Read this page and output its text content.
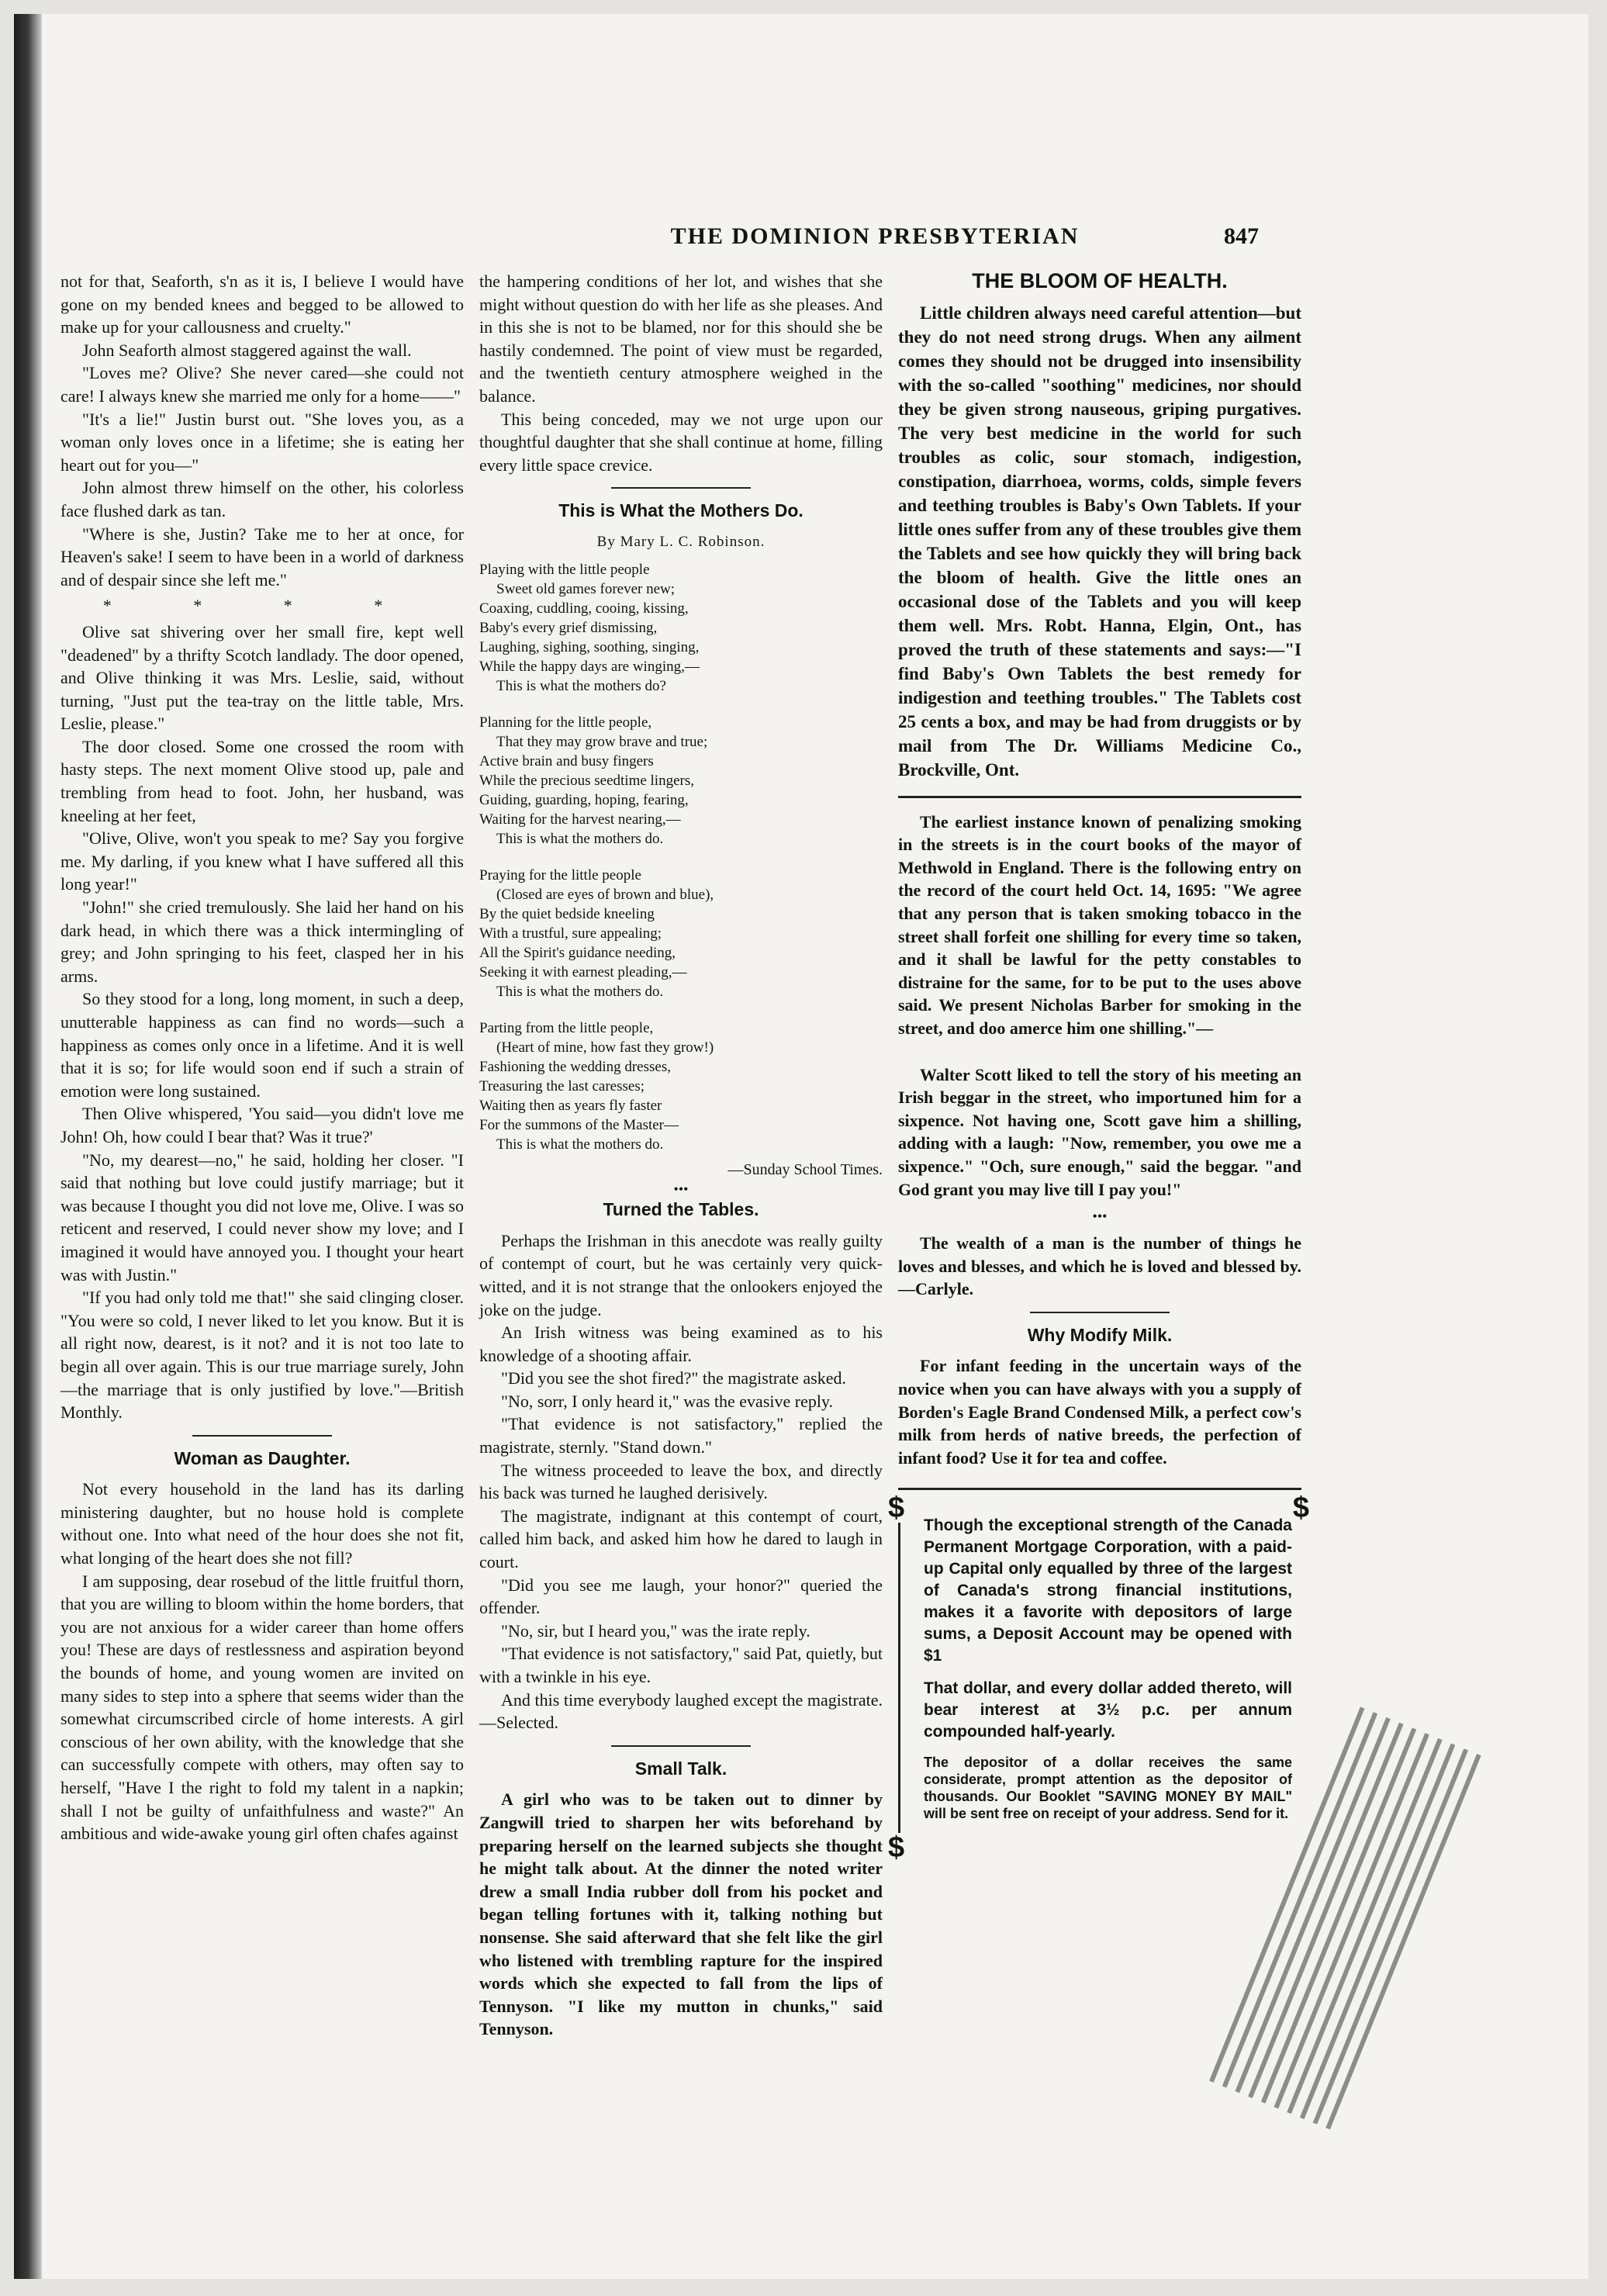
THE DOMINION PRESBYTERIAN	847

not for that, Seaforth, s'n as it is, I believe I would have gone on my bended knees and begged to be allowed to make up for your callousness and cruelty."

John Seaforth almost staggered against the wall.

"Loves me? Olive? She never cared—she could not care! I always knew she married me only for a home——"

"It's a lie!" Justin burst out. "She loves you, as a woman only loves once in a lifetime; she is eating her heart out for you—"

John almost threw himself on the other, his colorless face flushed dark as tan.

"Where is she, Justin? Take me to her at once, for Heaven's sake! I seem to have been in a world of darkness and of despair since she left me."

* * * *

Olive sat shivering over her small fire, kept well "deadened" by a thrifty Scotch landlady. The door opened, and Olive thinking it was Mrs. Leslie, said, without turning, "Just put the tea-tray on the little table, Mrs. Leslie, please."

The door closed. Some one crossed the room with hasty steps. The next moment Olive stood up, pale and trembling from head to foot. John, her husband, was kneeling at her feet,

"Olive, Olive, won't you speak to me? Say you forgive me. My darling, if you knew what I have suffered all this long year!"

"John!" she cried tremulously. She laid her hand on his dark head, in which there was a thick intermingling of grey; and John springing to his feet, clasped her in his arms.

So they stood for a long, long moment, in such a deep, unutterable happiness as can find no words—such a happiness as comes only once in a lifetime. And it is well that it is so; for life would soon end if such a strain of emotion were long sustained.

Then Olive whispered, 'You said—you didn't love me John! Oh, how could I bear that? Was it true?'

"No, my dearest—no," he said, holding her closer. "I said that nothing but love could justify marriage; but it was because I thought you did not love me, Olive. I was so reticent and reserved, I could never show my love; and I imagined it would have annoyed you. I thought your heart was with Justin."

"If you had only told me that!" she said clinging closer. "You were so cold, I never liked to let you know. But it is all right now, dearest, is it not? and it is not too late to begin all over again. This is our true marriage surely, John—the marriage that is only justified by love."—British Monthly.

Woman as Daughter.

Not every household in the land has its darling ministering daughter, but no house hold is complete without one. Into what need of the hour does she not fit, what longing of the heart does she not fill?

I am supposing, dear rosebud of the little fruitful thorn, that you are willing to bloom within the home borders, that you are not anxious for a wider career than home offers you! These are days of restlessness and aspiration beyond the bounds of home, and young women are invited on many sides to step into a sphere that seems wider than the somewhat circumscribed circle of home interests. A girl conscious of her own ability, with the knowledge that she can successfully compete with others, may often say to herself, "Have I the right to fold my talent in a napkin; shall I not be guilty of unfaithfulness and waste?" An ambitious and wide-awake young girl often chafes against

the hampering conditions of her lot, and wishes that she might without question do with her life as she pleases. And in this she is not to be blamed, nor for this should she be hastily condemned. The point of view must be regarded, and the twentieth century atmosphere weighed in the balance.

This being conceded, may we not urge upon our thoughtful daughter that she shall continue at home, filling every little space crevice.

This is What the Mothers Do.
By Mary L. C. Robinson.
Playing with the little people
Sweet old games forever new;
Coaxing, cuddling, cooing, kissing,
Baby's every grief dismissing,
Laughing, sighing, soothing, singing,
While the happy days are winging,—
This is what the mothers do?
Planning for the little people,
That they may grow brave and true;
Active brain and busy fingers
While the precious seedtime lingers,
Guiding, guarding, hoping, fearing,
Waiting for the harvest nearing,—
This is what the mothers do.
Praying for the little people
(Closed are eyes of brown and blue),
By the quiet bedside kneeling
With a trustful, sure appealing;
All the Spirit's guidance needing,
Seeking it with earnest pleading,—
This is what the mothers do.
Parting from the little people,
(Heart of mine, how fast they grow!)
Fashioning the wedding dresses,
Treasuring the last caresses;
Waiting then as years fly faster
For the summons of the Master—
This is what the mothers do.
—Sunday School Times.
•••
Turned the Tables.

Perhaps the Irishman in this anecdote was really guilty of contempt of court, but he was certainly very quick-witted, and it is not strange that the onlookers enjoyed the joke on the judge.

An Irish witness was being examined as to his knowledge of a shooting affair.

"Did you see the shot fired?" the magistrate asked.

"No, sorr, I only heard it," was the evasive reply.

"That evidence is not satisfactory," replied the magistrate, sternly. "Stand down."

The witness proceeded to leave the box, and directly his back was turned he laughed derisively.

The magistrate, indignant at this contempt of court, called him back, and asked him how he dared to laugh in court.

"Did you see me laugh, your honor?" queried the offender.

"No, sir, but I heard you," was the irate reply.

"That evidence is not satisfactory," said Pat, quietly, but with a twinkle in his eye.

And this time everybody laughed except the magistrate.—Selected.

Small Talk.

A girl who was to be taken out to dinner by Zangwill tried to sharpen her wits beforehand by preparing herself on the learned subjects she thought he might talk about. At the dinner the noted writer drew a small India rubber doll from his pocket and began telling fortunes with it, talking nothing but nonsense. She said afterward that she felt like the girl who listened with trembling rapture for the inspired words which she expected to fall from the lips of Tennyson. "I like my mutton in chunks," said Tennyson.

THE BLOOM OF HEALTH.

Little children always need careful attention—but they do not need strong drugs. When any ailment comes they should not be drugged into insensibility with the so-called "soothing" medicines, nor should they be given strong nauseous, griping purgatives. The very best medicine in the world for such troubles as colic, sour stomach, indigestion, constipation, diarrhoea, worms, colds, simple fevers and teething troubles is Baby's Own Tablets. If your little ones suffer from any of these troubles give them the Tablets and see how quickly they will bring back the bloom of health. Give the little ones an occasional dose of the Tablets and you will keep them well. Mrs. Robt. Hanna, Elgin, Ont., has proved the truth of these statements and says:—"I find Baby's Own Tablets the best remedy for indigestion and teething troubles." The Tablets cost 25 cents a box, and may be had from druggists or by mail from The Dr. Williams Medicine Co., Brockville, Ont.

The earliest instance known of penalizing smoking in the streets is in the court books of the mayor of Methwold in England. There is the following entry on the record of the court held Oct. 14, 1695: "We agree that any person that is taken smoking tobacco in the street shall forfeit one shilling for every time so taken, and it shall be lawful for the petty constables to distraine for the same, for to be put to the uses above said. We present Nicholas Barber for smoking in the street, and doo amerce him one shilling."—

Walter Scott liked to tell the story of his meeting an Irish beggar in the street, who importuned him for a sixpence. Not having one, Scott gave him a shilling, adding with a laugh: "Now, remember, you owe me a sixpence." "Och, sure enough," said the beggar. "and God grant you may live till I pay you!"

•••

The wealth of a man is the number of things he loves and blesses, and which he is loved and blessed by.—Carlyle.

Why Modify Milk.

For infant feeding in the uncertain ways of the novice when you can have always with you a supply of Borden's Eagle Brand Condensed Milk, a perfect cow's milk from herds of native breeds, the perfection of infant food? Use it for tea and coffee.

$	$

Though the exceptional strength of the Canada Permanent Mortgage Corporation, with a paid-up Capital only equalled by three of the largest of Canada's strong financial institutions, makes it a favorite with depositors of large sums, a Deposit Account may be opened with $1

That dollar, and every dollar added thereto, will bear interest at 3½ p.c. per annum compounded half-yearly.

The depositor of a dollar receives the same considerate, prompt attention as the depositor of thousands. Our Booklet "SAVING MONEY BY MAIL" will be sent free on receipt of your address. Send for it.

$
